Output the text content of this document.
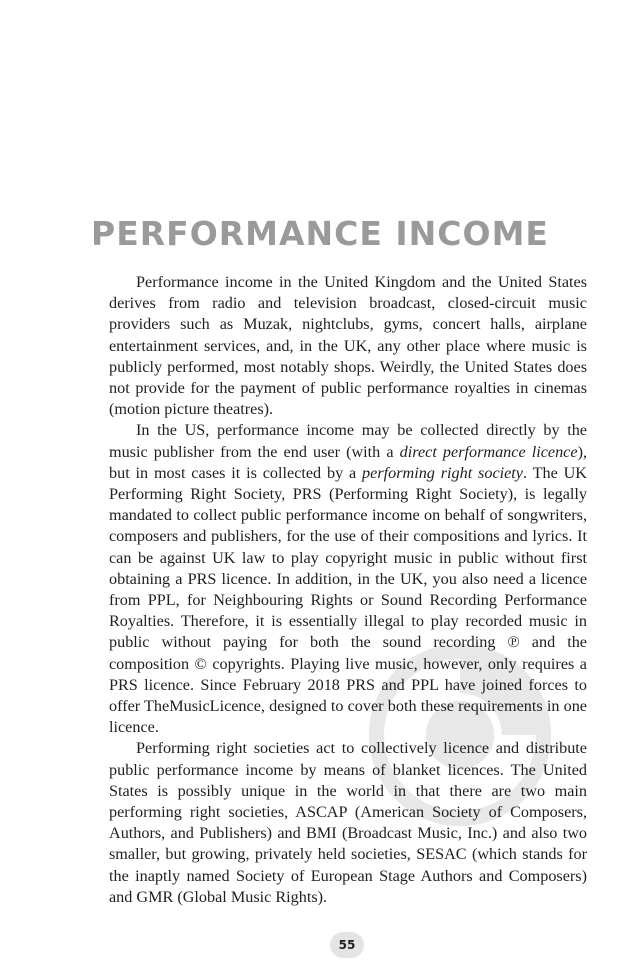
PERFORMANCE INCOME

Performance income in the United Kingdom and the United States derives from radio and television broadcast, closed-circuit music providers such as Muzak, nightclubs, gyms, concert halls, airplane entertainment services, and, in the UK, any other place where music is publicly performed, most notably shops. Weirdly, the United States does not provide for the payment of public performance royalties in cinemas (motion picture theatres).

In the US, performance income may be collected directly by the music publisher from the end user (with a direct performance licence), but in most cases it is collected by a performing right society. The UK Performing Right Society, PRS (Performing Right Society), is legally mandated to collect public performance income on behalf of songwriters, composers and publishers, for the use of their compositions and lyrics. It can be against UK law to play copyright music in public without first obtaining a PRS licence. In addition, in the UK, you also need a licence from PPL, for Neighbouring Rights or Sound Recording Performance Royalties. Therefore, it is essentially illegal to play recorded music in public without paying for both the sound recording ℗ and the composition © copyrights. Playing live music, however, only requires a PRS licence. Since February 2018 PRS and PPL have joined forces to offer TheMusicLicence, designed to cover both these requirements in one licence.

Performing right societies act to collectively licence and distribute public performance income by means of blanket licences. The United States is possibly unique in the world in that there are two main performing right societies, ASCAP (American Society of Composers, Authors, and Publishers) and BMI (Broadcast Music, Inc.) and also two smaller, but growing, privately held societies, SESAC (which stands for the inaptly named Society of European Stage Authors and Composers) and GMR (Global Music Rights).

55
